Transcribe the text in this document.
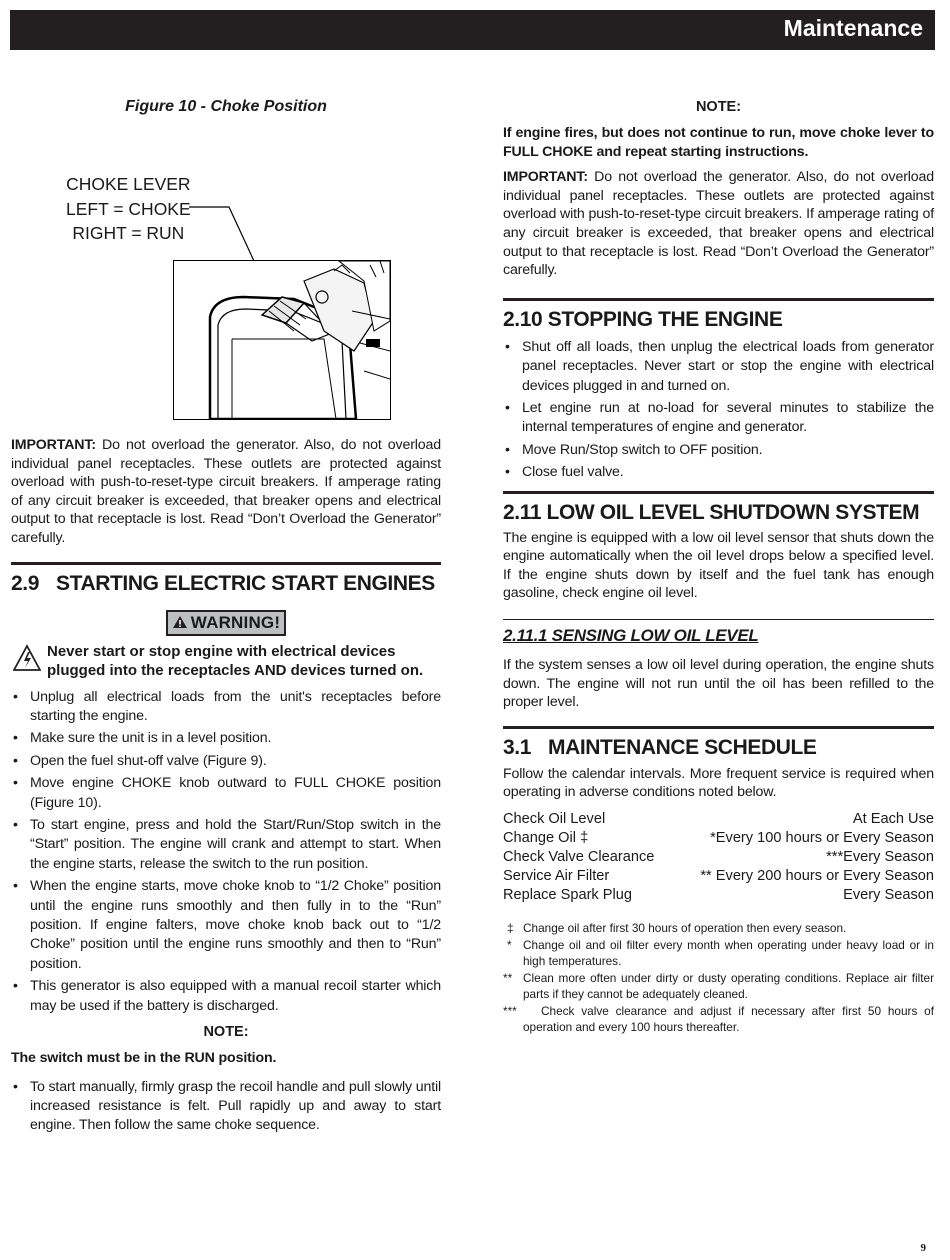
Maintenance
Figure 10 - Choke Position
CHOKE LEVER
LEFT = CHOKE
RIGHT = RUN

IMPORTANT: Do not overload the generator. Also, do not overload individual panel receptacles. These outlets are protected against overload with push-to-reset-type circuit breakers. If amperage rating of any circuit breaker is exceeded, that breaker opens and electrical output to that receptacle is lost. Read “Don’t Overload the Generator” carefully.

2.9 STARTING ELECTRIC START ENGINES
WARNING!
Never start or stop engine with electrical devices plugged into the receptacles AND devices turned on.
• Unplug all electrical loads from the unit's receptacles before starting the engine.
• Make sure the unit is in a level position.
• Open the fuel shut-off valve (Figure 9).
• Move engine CHOKE knob outward to FULL CHOKE position (Figure 10).
• To start engine, press and hold the Start/Run/Stop switch in the “Start” position. The engine will crank and attempt to start. When the engine starts, release the switch to the run position.
• When the engine starts, move choke knob to “1/2 Choke” position until the engine runs smoothly and then fully in to the “Run” position. If engine falters, move choke knob back out to “1/2 Choke” position until the engine runs smoothly and then to “Run” position.
• This generator is also equipped with a manual recoil starter which may be used if the battery is discharged.
NOTE:

The switch must be in the RUN position.

• To start manually, firmly grasp the recoil handle and pull slowly until increased resistance is felt. Pull rapidly up and away to start engine. Then follow the same choke sequence.
NOTE:

If engine fires, but does not continue to run, move choke lever to FULL CHOKE and repeat starting instructions.

IMPORTANT: Do not overload the generator. Also, do not overload individual panel receptacles. These outlets are protected against overload with push-to-reset-type circuit breakers. If amperage rating of any circuit breaker is exceeded, that breaker opens and electrical output to that receptacle is lost. Read “Don’t Overload the Generator” carefully.

2.10 STOPPING THE ENGINE
• Shut off all loads, then unplug the electrical loads from generator panel receptacles. Never start or stop the engine with electrical devices plugged in and turned on.
• Let engine run at no-load for several minutes to stabilize the internal temperatures of engine and generator.
• Move Run/Stop switch to OFF position.
• Close fuel valve.
2.11 LOW OIL LEVEL SHUTDOWN SYSTEM

The engine is equipped with a low oil level sensor that shuts down the engine automatically when the oil level drops below a specified level. If the engine shuts down by itself and the fuel tank has enough gasoline, check engine oil level.

2.11.1 SENSING LOW OIL LEVEL

If the system senses a low oil level during operation, the engine shuts down. The engine will not run until the oil has been refilled to the proper level.

3.1 MAINTENANCE SCHEDULE

Follow the calendar intervals. More frequent service is required when operating in adverse conditions noted below.

Check Oil Level	At Each Use
Change Oil ‡	*Every 100 hours or Every Season
Check Valve Clearance	***Every Season
Service Air Filter	** Every 200 hours or Every Season
Replace Spark Plug	Every Season
‡ Change oil after first 30 hours of operation then every season.
* Change oil and oil filter every month when operating under heavy load or in high temperatures.
** Clean more often under dirty or dusty operating conditions. Replace air filter parts if they cannot be adequately cleaned.
*** Check valve clearance and adjust if necessary after first 50 hours of operation and every 100 hours thereafter.
9
